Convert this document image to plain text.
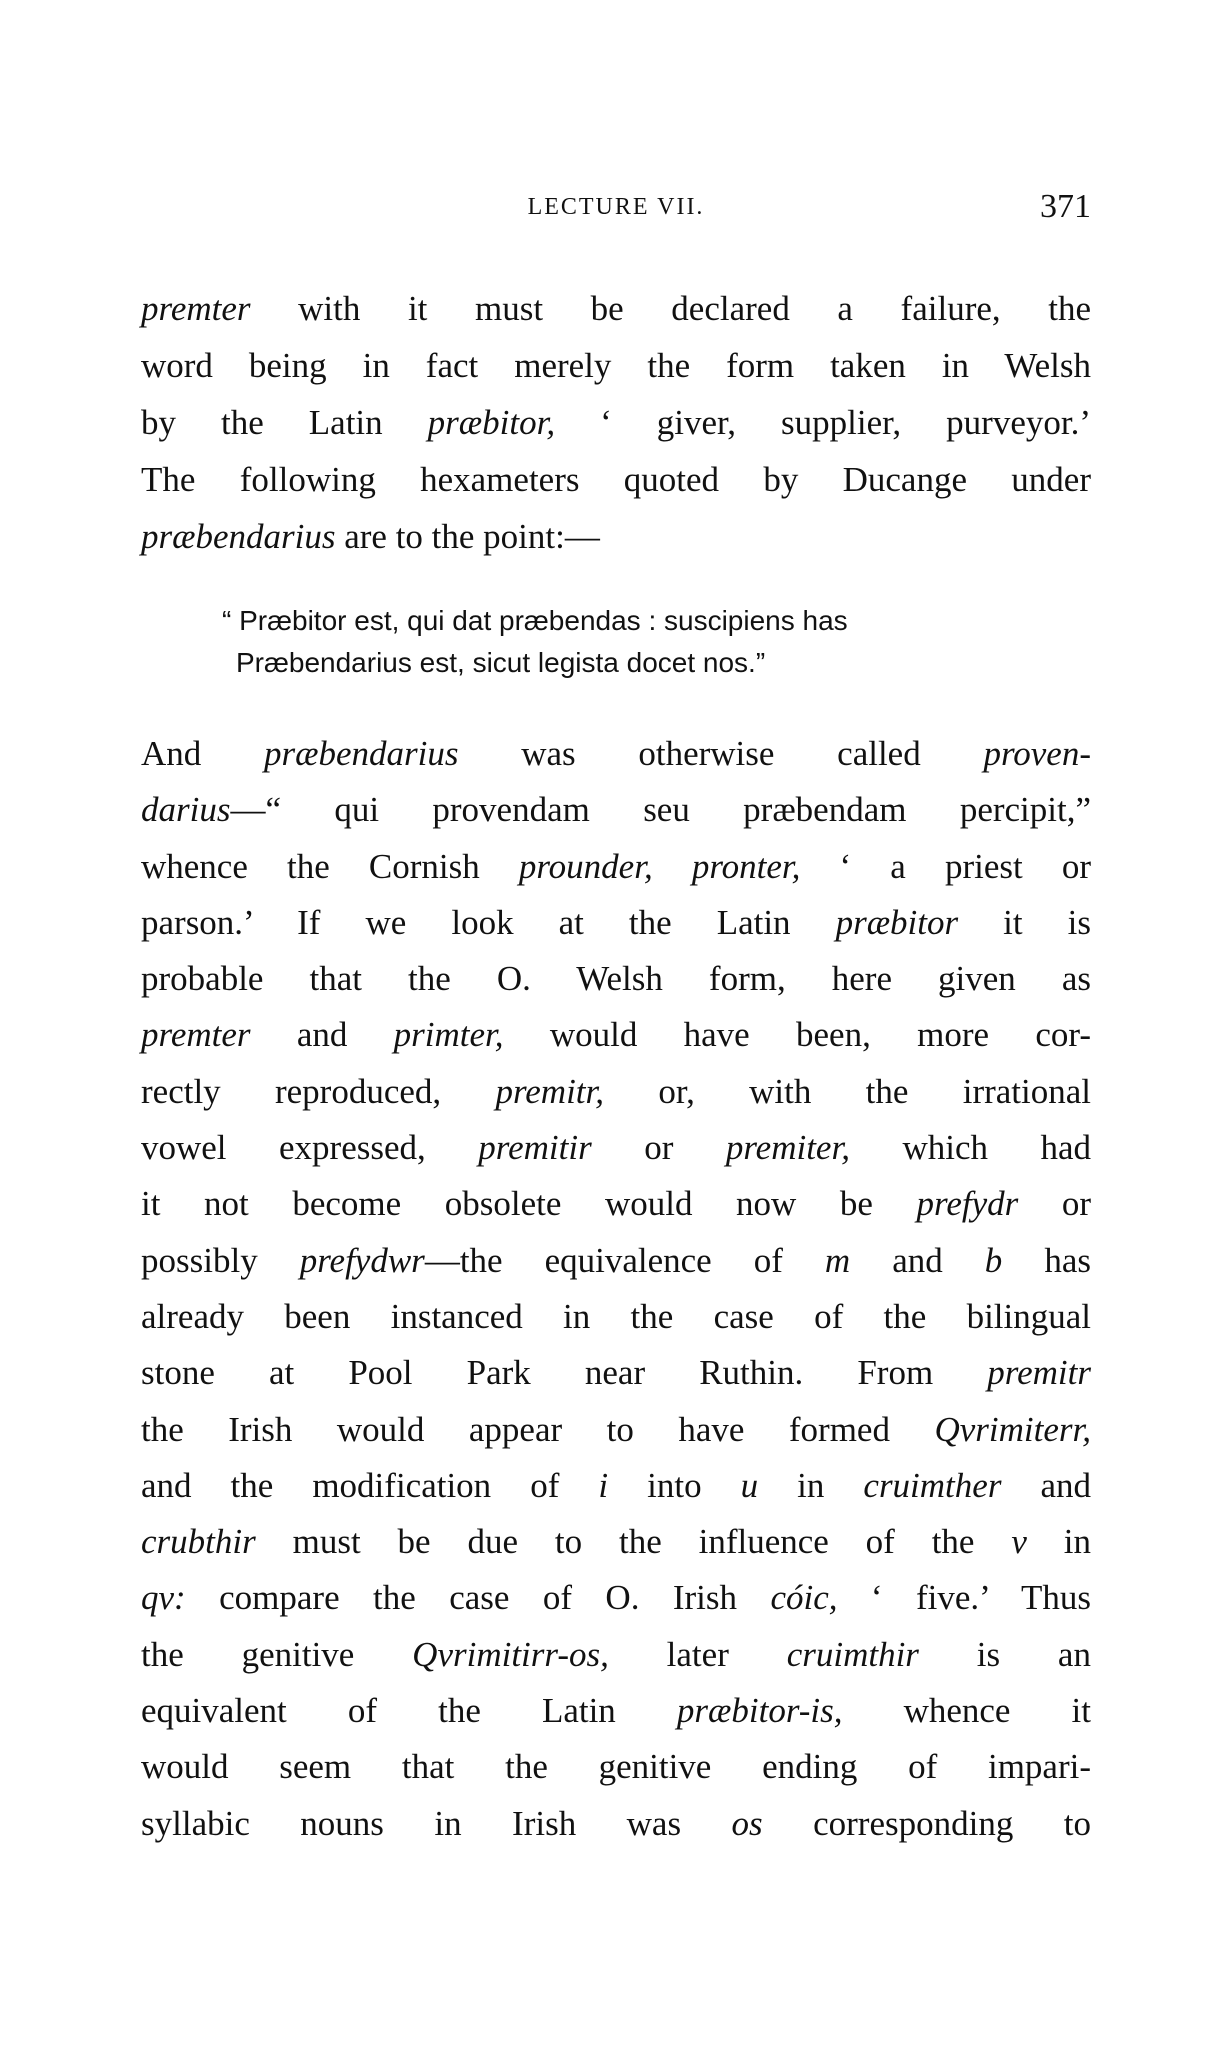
LECTURE VII.	371
premter with it must be declared a failure, the
word being in fact merely the form taken in Welsh
by the Latin præbitor, ‘ giver, supplier, purveyor.’
The following hexameters quoted by Ducange under
præbendarius are to the point:—
“ Præbitor est, qui dat præbendas : suscipiens has
Præbendarius est, sicut legista docet nos.”
And præbendarius was otherwise called proven-
darius—“ qui provendam seu præbendam percipit,”
whence the Cornish prounder, pronter, ‘ a priest or
parson.’ If we look at the Latin præbitor it is
probable that the O. Welsh form, here given as
premter and primter, would have been, more cor-
rectly reproduced, premitr, or, with the irrational
vowel expressed, premitir or premiter, which had
it not become obsolete would now be prefydr or
possibly prefydwr—the equivalence of m and b has
already been instanced in the case of the bilingual
stone at Pool Park near Ruthin. From premitr
the Irish would appear to have formed Qvrimiterr,
and the modification of i into u in cruimther and
crubthir must be due to the influence of the v in
qv: compare the case of O. Irish cóic, ‘ five.’ Thus
the genitive Qvrimitirr-os, later cruimthir is an
equivalent of the Latin præbitor-is, whence it
would seem that the genitive ending of impari-
syllabic nouns in Irish was os corresponding to
